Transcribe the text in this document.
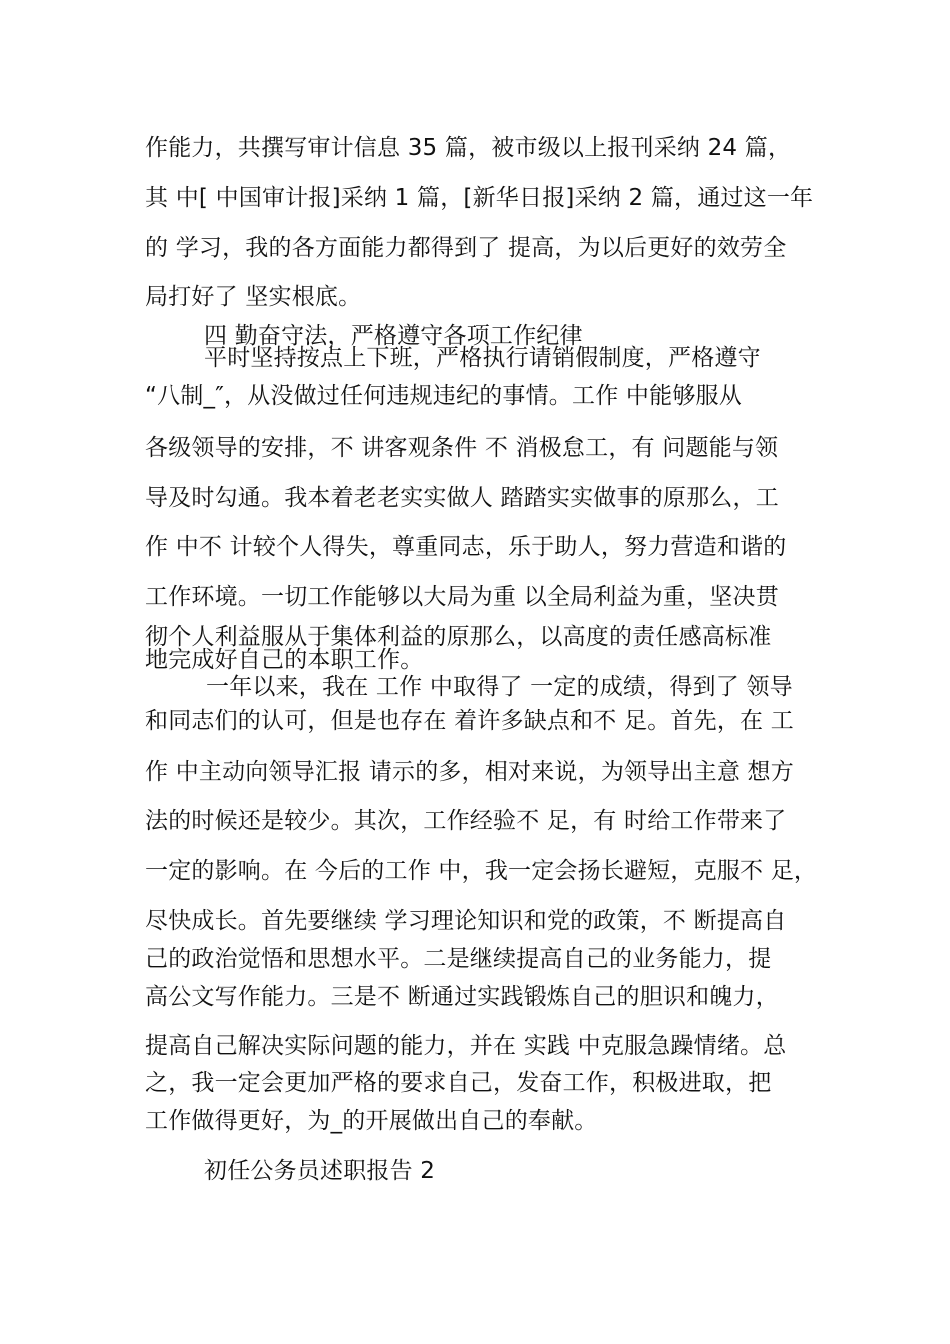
作能力，共撰写审计信息 35 篇，被市级以上报刊采纳 24 篇，
其 中[ 中国审计报]采纳 1 篇，[新华日报]采纳 2 篇，通过这一年
的 学习，我的各方面能力都得到了 提高，为以后更好的效劳全
局打好了 坚实根底。
四 勤奋守法，严格遵守各项工作纪律
平时坚持按点上下班，严格执行请销假制度，严格遵守
“八制_″，从没做过任何违规违纪的事情。工作 中能够服从
各级领导的安排，不 讲客观条件 不 消极怠工，有 问题能与领
导及时勾通。我本着老老实实做人 踏踏实实做事的原那么，工
作 中不 计较个人得失，尊重同志，乐于助人，努力营造和谐的
工作环境。一切工作能够以大局为重 以全局利益为重，坚决贯
彻个人利益服从于集体利益的原那么，以高度的责任感高标准
地完成好自己的本职工作。
一年以来，我在 工作 中取得了 一定的成绩，得到了 领导
和同志们的认可，但是也存在 着许多缺点和不 足。首先，在 工
作 中主动向领导汇报 请示的多，相对来说，为领导出主意 想方
法的时候还是较少。其次，工作经验不 足，有 时给工作带来了
一定的影响。在 今后的工作 中，我一定会扬长避短，克服不 足，
尽快成长。首先要继续 学习理论知识和党的政策，不 断提高自
己的政治觉悟和思想水平。二是继续提高自己的业务能力，提
高公文写作能力。三是不 断通过实践锻炼自己的胆识和魄力，
提高自己解决实际问题的能力，并在 实践 中克服急躁情绪。总
之，我一定会更加严格的要求自己，发奋工作，积极进取，把
工作做得更好，为_的开展做出自己的奉献。
初任公务员述职报告 2
